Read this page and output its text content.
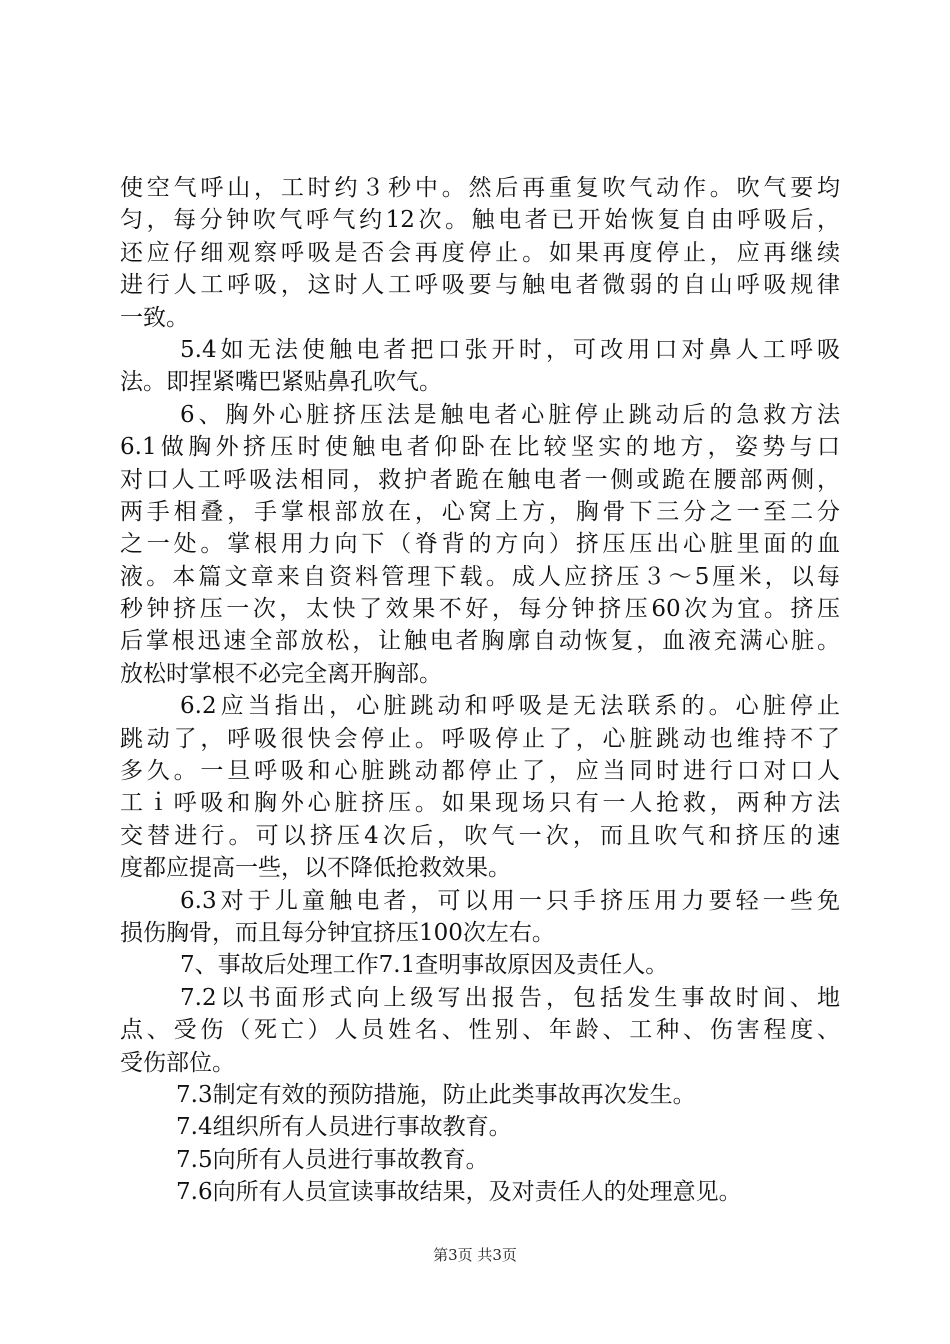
使空气呼山，工时约３秒中。然后再重复吹气动作。吹气要均
匀，每分钟吹气呼气约12次。触电者已开始恢复自由呼吸后，
还应仔细观察呼吸是否会再度停止。如果再度停止，应再继续
进行人工呼吸，这时人工呼吸要与触电者微弱的自山呼吸规律
一致。
5.4如无法使触电者把口张开时，可改用口对鼻人工呼吸
法。即捏紧嘴巴紧贴鼻孔吹气。
6、胸外心脏挤压法是触电者心脏停止跳动后的急救方法
6.1做胸外挤压时使触电者仰卧在比较坚实的地方，姿势与口
对口人工呼吸法相同，救护者跪在触电者一侧或跪在腰部两侧，
两手相叠，手掌根部放在，心窝上方，胸骨下三分之一至二分
之一处。掌根用力向下（脊背的方向）挤压压出心脏里面的血
液。本篇文章来自资料管理下载。成人应挤压３～5厘米，以每
秒钟挤压一次，太快了效果不好，每分钟挤压60次为宜。挤压
后掌根迅速全部放松，让触电者胸廓自动恢复，血液充满心脏。
放松时掌根不必完全离开胸部。
6.2应当指出，心脏跳动和呼吸是无法联系的。心脏停止
跳动了，呼吸很快会停止。呼吸停止了，心脏跳动也维持不了
多久。一旦呼吸和心脏跳动都停止了，应当同时进行口对口人
工ｉ呼吸和胸外心脏挤压。如果现场只有一人抢救，两种方法
交替进行。可以挤压4次后，吹气一次，而且吹气和挤压的速
度都应提高一些，以不降低抢救效果。
6.3对于儿童触电者，可以用一只手挤压用力要轻一些免
损伤胸骨，而且每分钟宜挤压100次左右。
7、事故后处理工作7.1查明事故原因及责任人。
7.2以书面形式向上级写出报告，包括发生事故时间、地
点、受伤（死亡）人员姓名、性别、年龄、工种、伤害程度、
受伤部位。
7.3制定有效的预防措施，防止此类事故再次发生。
7.4组织所有人员进行事故教育。
7.5向所有人员进行事故教育。
7.6向所有人员宣读事故结果，及对责任人的处理意见。
第3页 共3页
